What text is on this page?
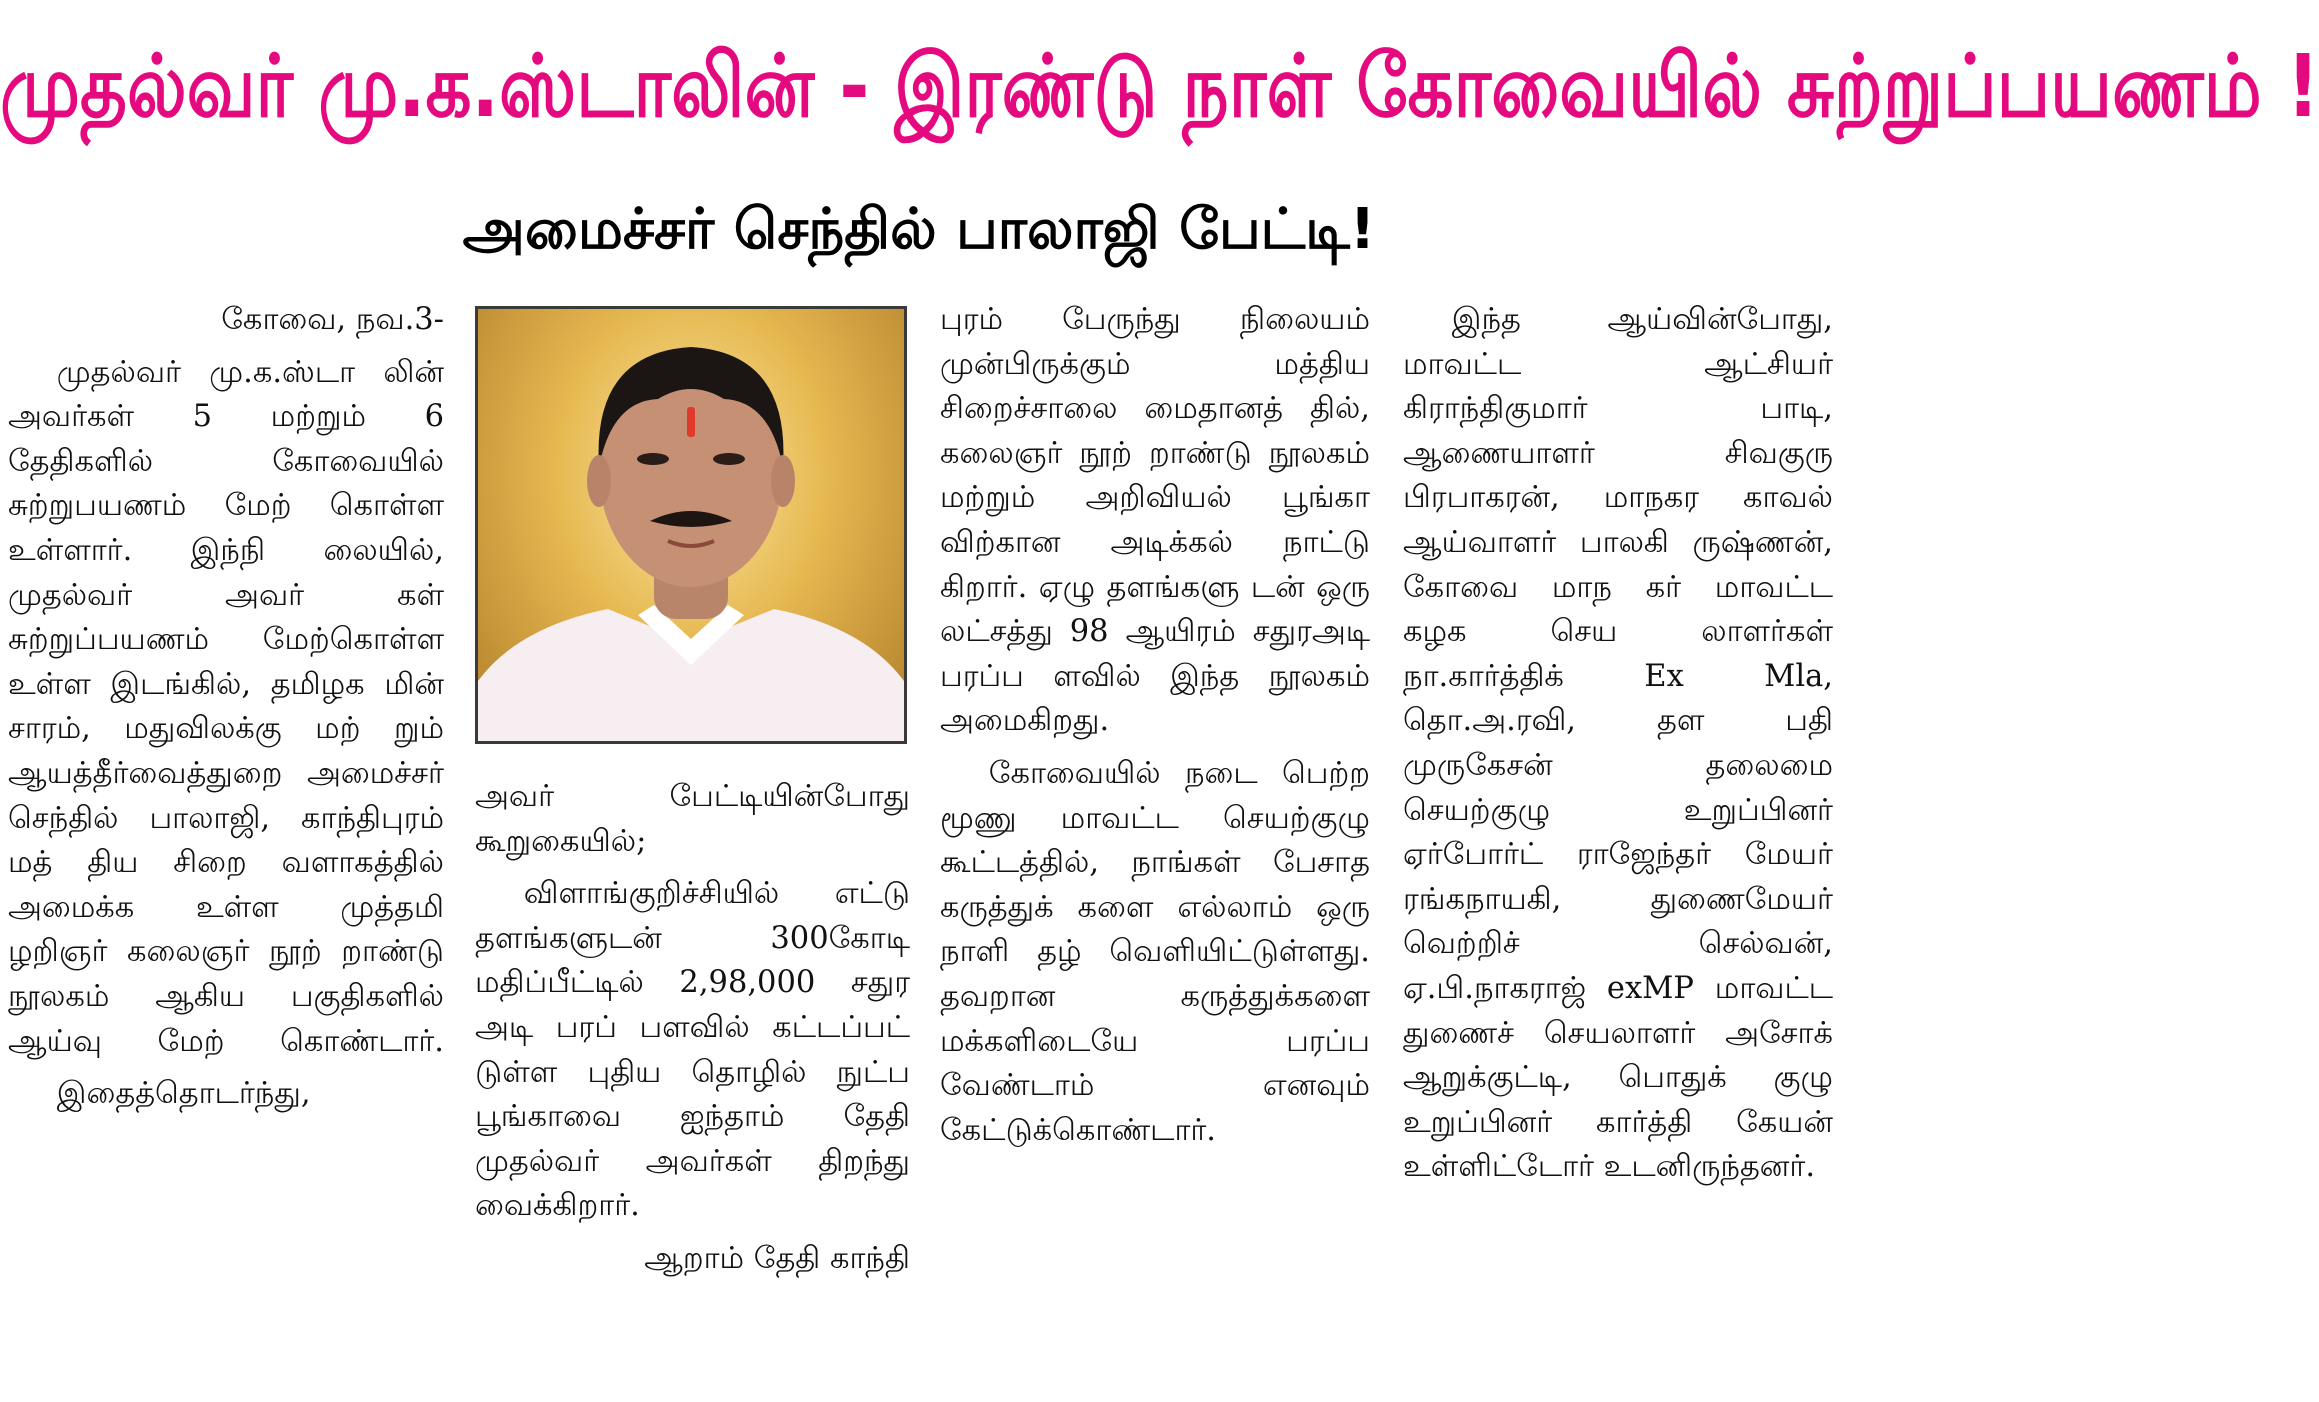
முதல்வர் மு.க.ஸ்டாலின் - இரண்டு நாள் கோவையில் சுற்றுப்பயணம் !
அமைச்சர் செந்தில் பாலாஜி பேட்டி!

கோவை, நவ.3-

முதல்வர் மு.க.ஸ்டா லின் அவர்கள் 5 மற்றும் 6 தேதிகளில் கோவையில் சுற்றுபயணம் மேற் கொள்ள உள்ளார். இந்நி லையில், முதல்வர் அவர் கள் சுற்றுப்பயணம் மேற்கொள்ள உள்ள இடங்கில், தமிழக மின் சாரம், மதுவிலக்கு மற் றும் ஆயத்தீர்வைத்துறை அமைச்சர் செந்தில் பாலாஜி, காந்திபுரம் மத் திய சிறை வளாகத்தில் அமைக்க உள்ள முத்தமி ழறிஞர் கலைஞர் நூற் றாண்டு நூலகம் ஆகிய பகுதிகளில் ஆய்வு மேற் கொண்டார்.

இதைத்தொடர்ந்து,

அவர் பேட்டியின்போது கூறுகையில்;

விளாங்குறிச்சியில் எட்டு தளங்களுடன் 300கோடி மதிப்பீட்டில் 2,98,000 சதுர அடி பரப் பளவில் கட்டப்பட் டுள்ள புதிய தொழில் நுட்ப பூங்காவை ஐந்தாம் தேதி முதல்வர் அவர்கள் திறந்து வைக்கிறார்.

ஆறாம் தேதி காந்தி

புரம் பேருந்து நிலையம் முன்பிருக்கும் மத்திய சிறைச்சாலை மைதானத் தில், கலைஞர் நூற் றாண்டு நூலகம் மற்றும் அறிவியல் பூங்கா விற்கான அடிக்கல் நாட்டு கிறார். ஏழு தளங்களு டன் ஒரு லட்சத்து 98 ஆயிரம் சதுரஅடி பரப்ப ளவில் இந்த நூலகம் அமைகிறது.

கோவையில் நடை பெற்ற மூணு மாவட்ட செயற்குழு கூட்டத்தில், நாங்கள் பேசாத கருத்துக் களை எல்லாம் ஒரு நாளி தழ் வெளியிட்டுள்ளது. தவறான கருத்துக்களை மக்களிடையே பரப்ப வேண்டாம் எனவும் கேட்டுக்கொண்டார்.

இந்த ஆய்வின்போது, மாவட்ட ஆட்சியர் கிராந்திகுமார் பாடி, ஆணையாளர் சிவகுரு பிரபாகரன், மாநகர காவல் ஆய்வாளர் பாலகி ருஷ்ணன், கோவை மாந கர் மாவட்ட கழக செய லாளர்கள் நா.கார்த்திக் Ex Mla, தொ.அ.ரவி, தள பதி முருகேசன் தலைமை செயற்குழு உறுப்பினர் ஏர்போர்ட் ராஜேந்தர் மேயர் ரங்கநாயகி, துணைமேயர் வெற்றிச் செல்வன், ஏ.பி.நாகராஜ் exMP மாவட்ட துணைச் செயலாளர் அசோக் ஆறுக்குட்டி, பொதுக் குழு உறுப்பினர் கார்த்தி கேயன் உள்ளிட்டோர் உடனிருந்தனர்.
